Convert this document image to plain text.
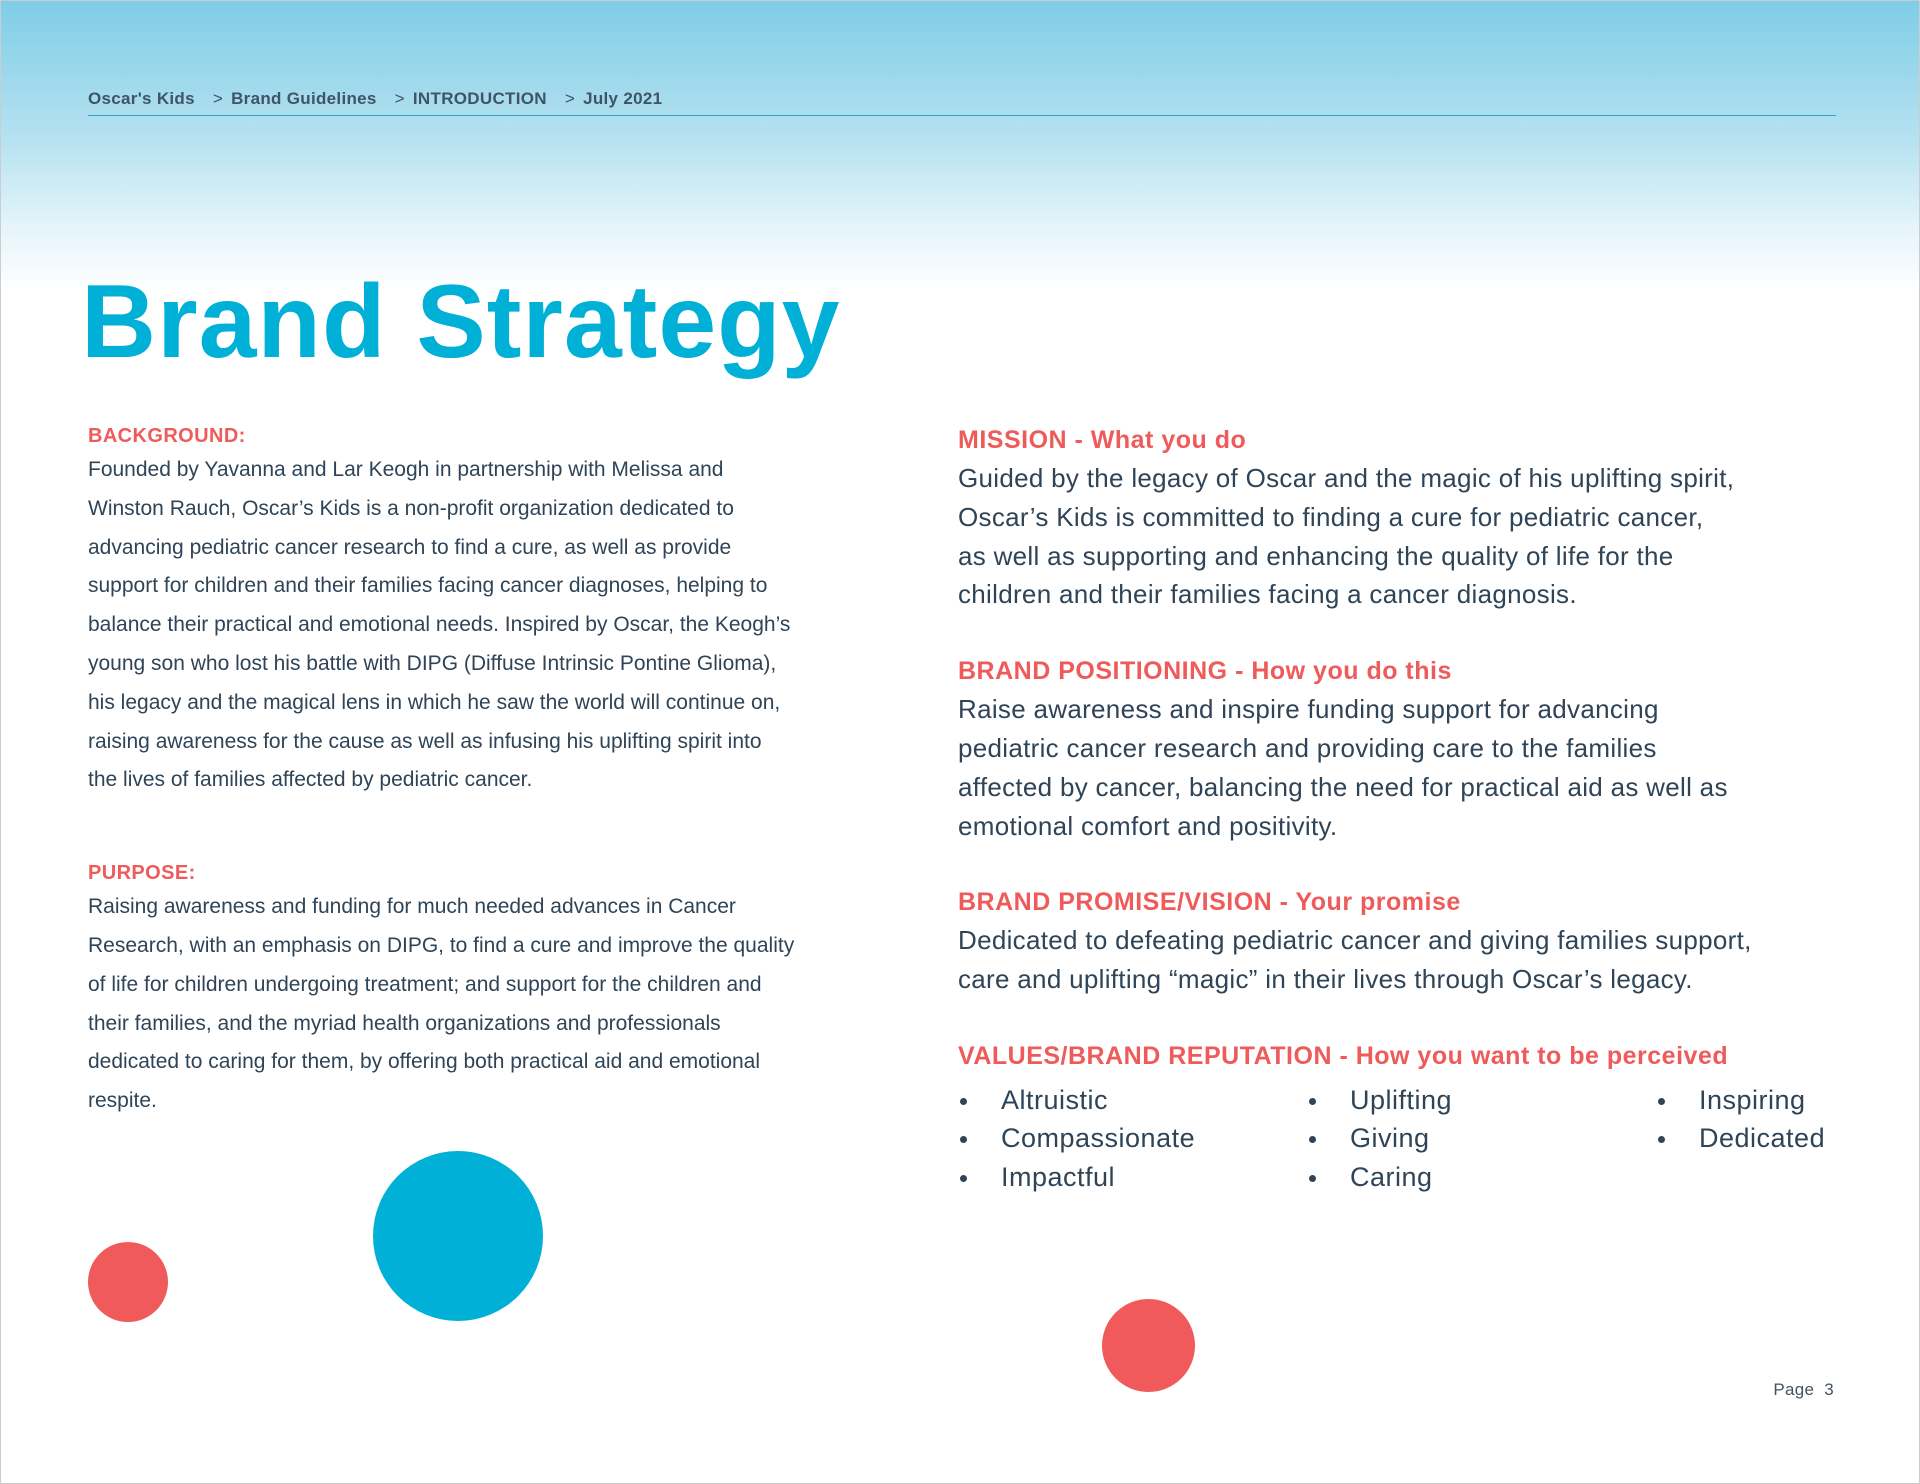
Oscar's Kids > Brand Guidelines > INTRODUCTION > July 2021
Brand Strategy

BACKGROUND:

Founded by Yavanna and Lar Keogh in partnership with Melissa and
Winston Rauch, Oscar’s Kids is a non-profit organization dedicated to
advancing pediatric cancer research to find a cure, as well as provide
support for children and their families facing cancer diagnoses, helping to
balance their practical and emotional needs. Inspired by Oscar, the Keogh’s
young son who lost his battle with DIPG (Diffuse Intrinsic Pontine Glioma),
his legacy and the magical lens in which he saw the world will continue on,
raising awareness for the cause as well as infusing his uplifting spirit into
the lives of families affected by pediatric cancer.

PURPOSE:

Raising awareness and funding for much needed advances in Cancer
Research, with an emphasis on DIPG, to find a cure and improve the quality
of life for children undergoing treatment; and support for the children and
their families, and the myriad health organizations and professionals
dedicated to caring for them, by offering both practical aid and emotional
respite.

MISSION - What you do

Guided by the legacy of Oscar and the magic of his uplifting spirit,
Oscar’s Kids is committed to finding a cure for pediatric cancer,
as well as supporting and enhancing the quality of life for the
children and their families facing a cancer diagnosis.

BRAND POSITIONING - How you do this

Raise awareness and inspire funding support for advancing
pediatric cancer research and providing care to the families
affected by cancer, balancing the need for practical aid as well as
emotional comfort and positivity.

BRAND PROMISE/VISION - Your promise

Dedicated to defeating pediatric cancer and giving families support,
care and uplifting “magic” in their lives through Oscar’s legacy.

VALUES/BRAND REPUTATION - How you want to be perceived

Altruistic
Compassionate
Impactful
Uplifting
Giving
Caring
Inspiring
Dedicated
Page 3
